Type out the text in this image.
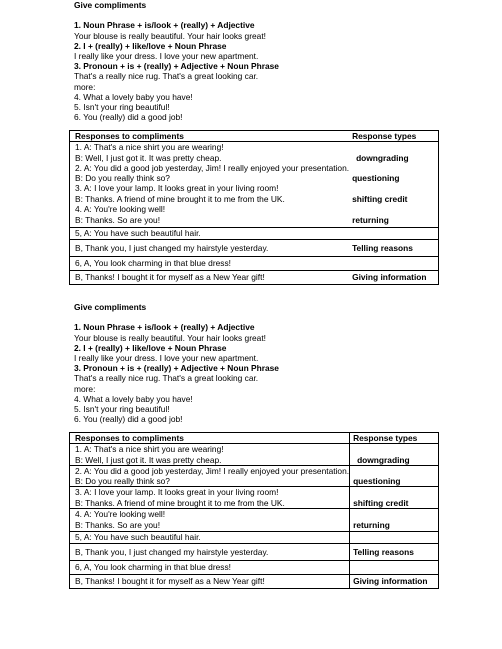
Give compliments

1. Noun Phrase + is/look + (really) + Adjective

Your blouse is really beautiful. Your hair looks great!

2. I + (really) + like/love + Noun Phrase

I really like your dress. I love your new apartment.

3. Pronoun + is + (really) + Adjective + Noun Phrase

That's a really nice rug. That's a great looking car.

more:

4. What a lovely baby you have!

5. Isn't your ring beautiful!

6. You (really) did a good job!

Responses to compliments	Response types
1. A: That's a nice shirt you are wearing!	
B: Well, I just got it. It was pretty cheap.	downgrading
2. A: You did a good job yesterday, Jim! I really enjoyed your presentation.	
B: Do you really think so?	questioning
3. A: I love your lamp. It looks great in your living room!	
B: Thanks. A friend of mine brought it to me from the UK.	shifting credit
4. A: You're looking well!	
B: Thanks. So are you!	returning
5, A: You have such beautiful hair.	
B, Thank you, I just changed my hairstyle yesterday.	Telling reasons
6, A, You look charming in that blue dress!	
B, Thanks! I bought it for myself as a New Year gift!	Giving information

Give compliments

1. Noun Phrase + is/look + (really) + Adjective

Your blouse is really beautiful. Your hair looks great!

2. I + (really) + like/love + Noun Phrase

I really like your dress. I love your new apartment.

3. Pronoun + is + (really) + Adjective + Noun Phrase

That's a really nice rug. That's a great looking car.

more:

4. What a lovely baby you have!

5. Isn't your ring beautiful!

6. You (really) did a good job!

Responses to compliments	Response types
1. A: That's a nice shirt you are wearing!	
B: Well, I just got it. It was pretty cheap.	downgrading
2. A: You did a good job yesterday, Jim! I really enjoyed your presentation.	
B: Do you really think so?	questioning
3. A: I love your lamp. It looks great in your living room!	
B: Thanks. A friend of mine brought it to me from the UK.	shifting credit
4. A: You're looking well!	
B: Thanks. So are you!	returning
5, A: You have such beautiful hair.	
B, Thank you, I just changed my hairstyle yesterday.	Telling reasons
6, A, You look charming in that blue dress!	
B, Thanks! I bought it for myself as a New Year gift!	Giving information
